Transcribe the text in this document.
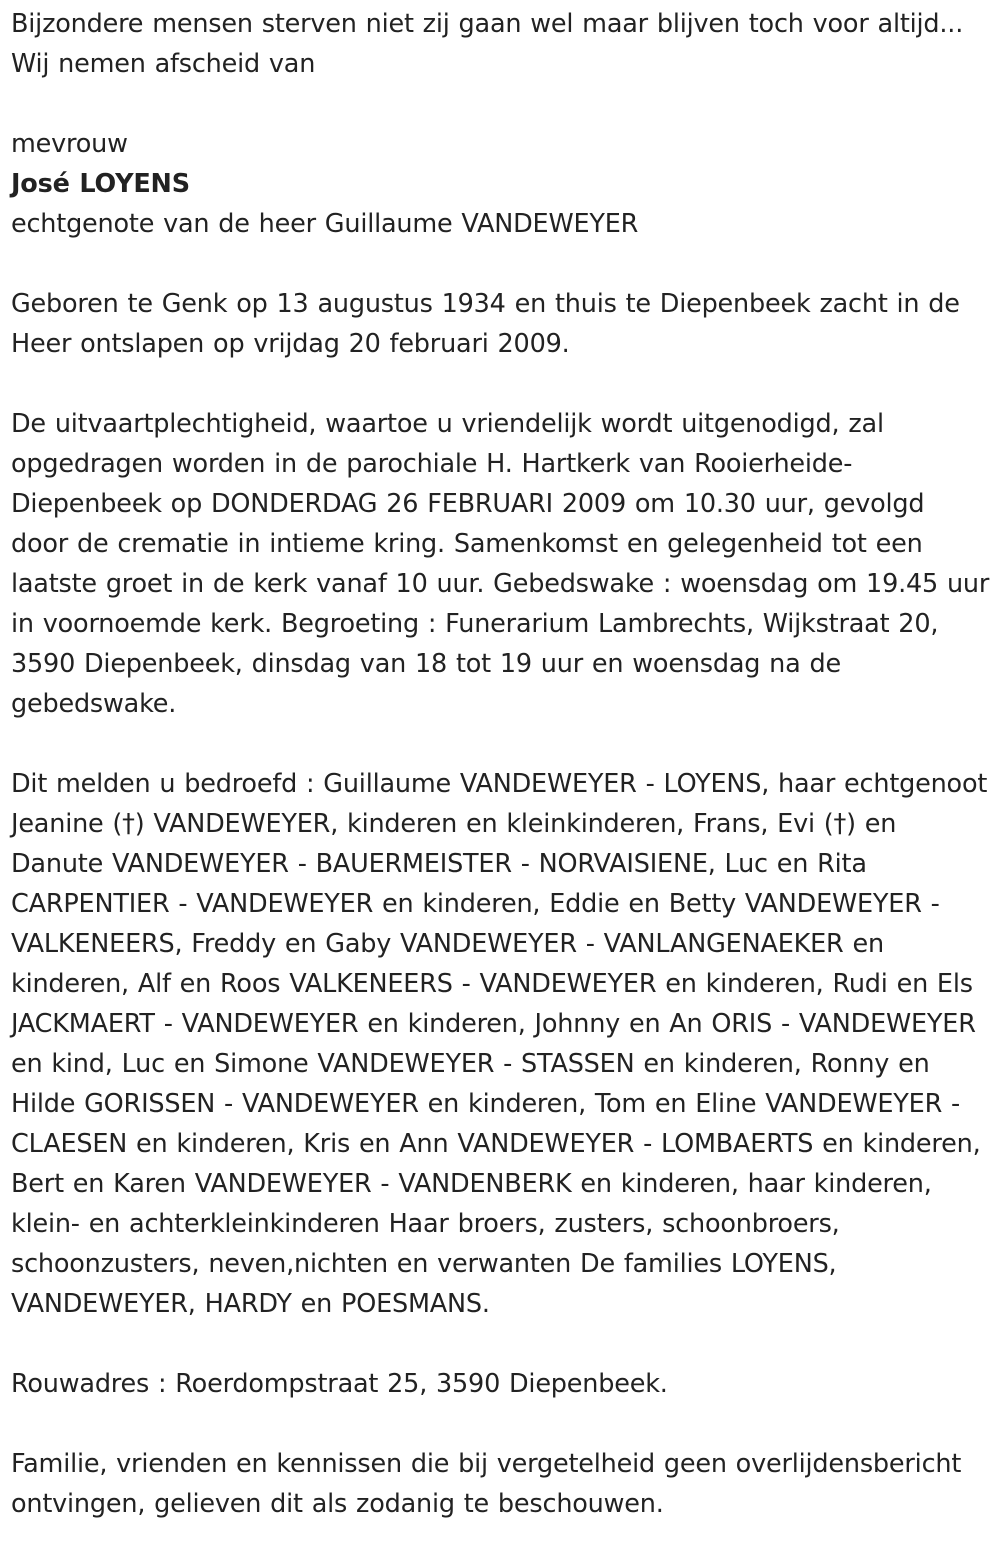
Bijzondere mensen sterven niet zij gaan wel maar blijven toch voor altijd... Wij nemen afscheid van

mevrouw

José LOYENS

echtgenote van de heer Guillaume VANDEWEYER

Geboren te Genk op 13 augustus 1934 en thuis te Diepenbeek zacht in de Heer ontslapen op vrijdag 20 februari 2009.

De uitvaartplechtigheid, waartoe u vriendelijk wordt uitgenodigd, zal opgedragen worden in de parochiale H. Hartkerk van Rooierheide-Diepenbeek op DONDERDAG 26 FEBRUARI 2009 om 10.30 uur, gevolgd door de crematie in intieme kring. Samenkomst en gelegenheid tot een laatste groet in de kerk vanaf 10 uur. Gebedswake : woensdag om 19.45 uur in voornoemde kerk. Begroeting : Funerarium Lambrechts, Wijkstraat 20, 3590 Diepenbeek, dinsdag van 18 tot 19 uur en woensdag na de gebedswake.

Dit melden u bedroefd : Guillaume VANDEWEYER - LOYENS, haar echtgenoot Jeanine (†) VANDEWEYER, kinderen en kleinkinderen, Frans, Evi (†) en Danute VANDEWEYER - BAUERMEISTER - NORVAISIENE, Luc en Rita CARPENTIER - VANDEWEYER en kinderen, Eddie en Betty VANDEWEYER - VALKENEERS, Freddy en Gaby VANDEWEYER - VANLANGENAEKER en kinderen, Alf en Roos VALKENEERS - VANDEWEYER en kinderen, Rudi en Els JACKMAERT - VANDEWEYER en kinderen, Johnny en An ORIS - VANDEWEYER en kind, Luc en Simone VANDEWEYER - STASSEN en kinderen, Ronny en Hilde GORISSEN - VANDEWEYER en kinderen, Tom en Eline VANDEWEYER - CLAESEN en kinderen, Kris en Ann VANDEWEYER - LOMBAERTS en kinderen, Bert en Karen VANDEWEYER - VANDENBERK en kinderen, haar kinderen, klein- en achterkleinkinderen Haar broers, zusters, schoonbroers, schoonzusters, neven,nichten en verwanten De families LOYENS, VANDEWEYER, HARDY en POESMANS.

Rouwadres : Roerdompstraat 25, 3590 Diepenbeek.

Familie, vrienden en kennissen die bij vergetelheid geen overlijdensbericht ontvingen, gelieven dit als zodanig te beschouwen.
